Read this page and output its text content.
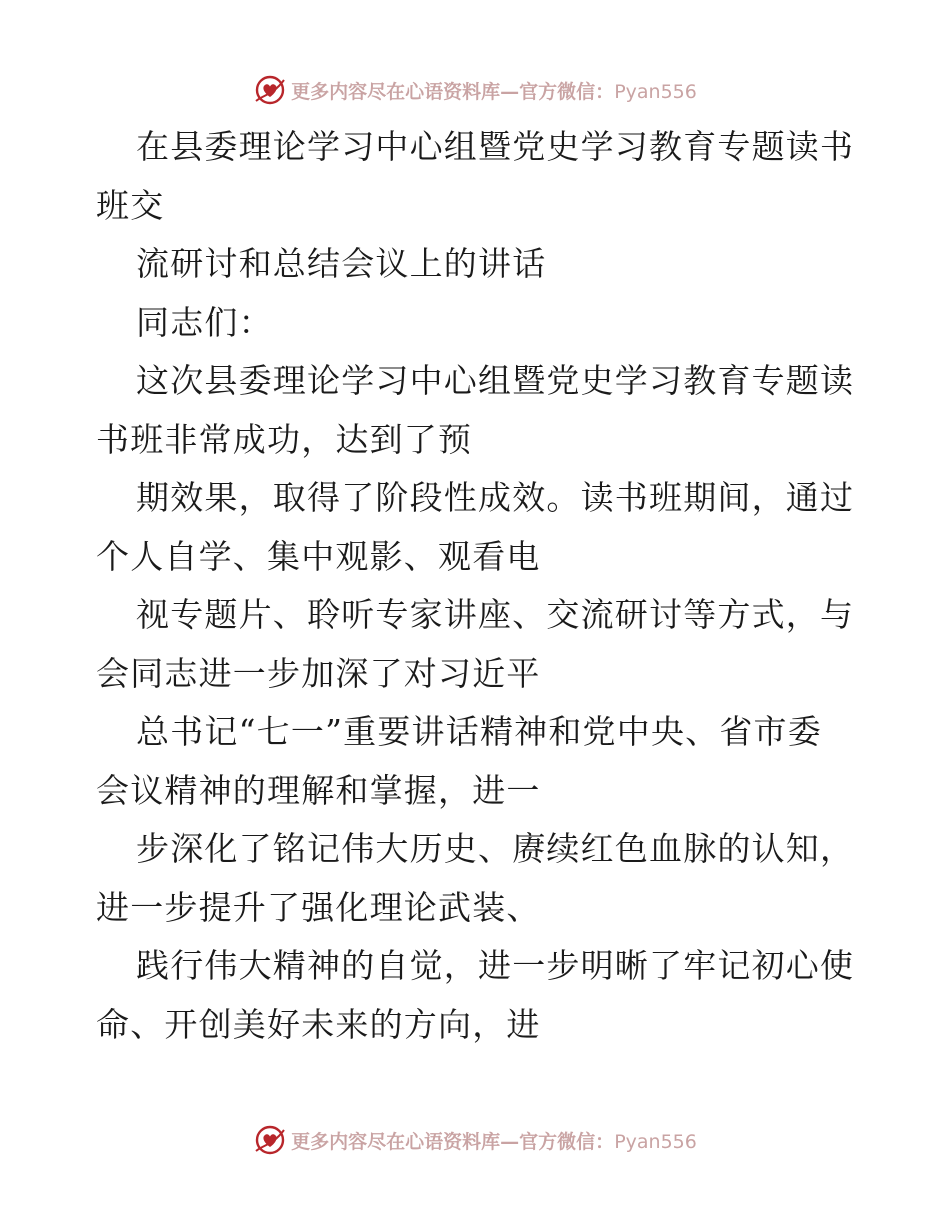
更多内容尽在心语资料库—官方微信：Pyan556
在县委理论学习中心组暨党史学习教育专题读书
班交
流研讨和总结会议上的讲话
同志们：
这次县委理论学习中心组暨党史学习教育专题读
书班非常成功，达到了预
期效果，取得了阶段性成效。读书班期间，通过
个人自学、集中观影、观看电
视专题片、聆听专家讲座、交流研讨等方式，与
会同志进一步加深了对习近平
总书记“七一”重要讲话精神和党中央、省市委
会议精神的理解和掌握，进一
步深化了铭记伟大历史、赓续红色血脉的认知，
进一步提升了强化理论武装、
践行伟大精神的自觉，进一步明晰了牢记初心使
命、开创美好未来的方向，进
更多内容尽在心语资料库—官方微信：Pyan556
